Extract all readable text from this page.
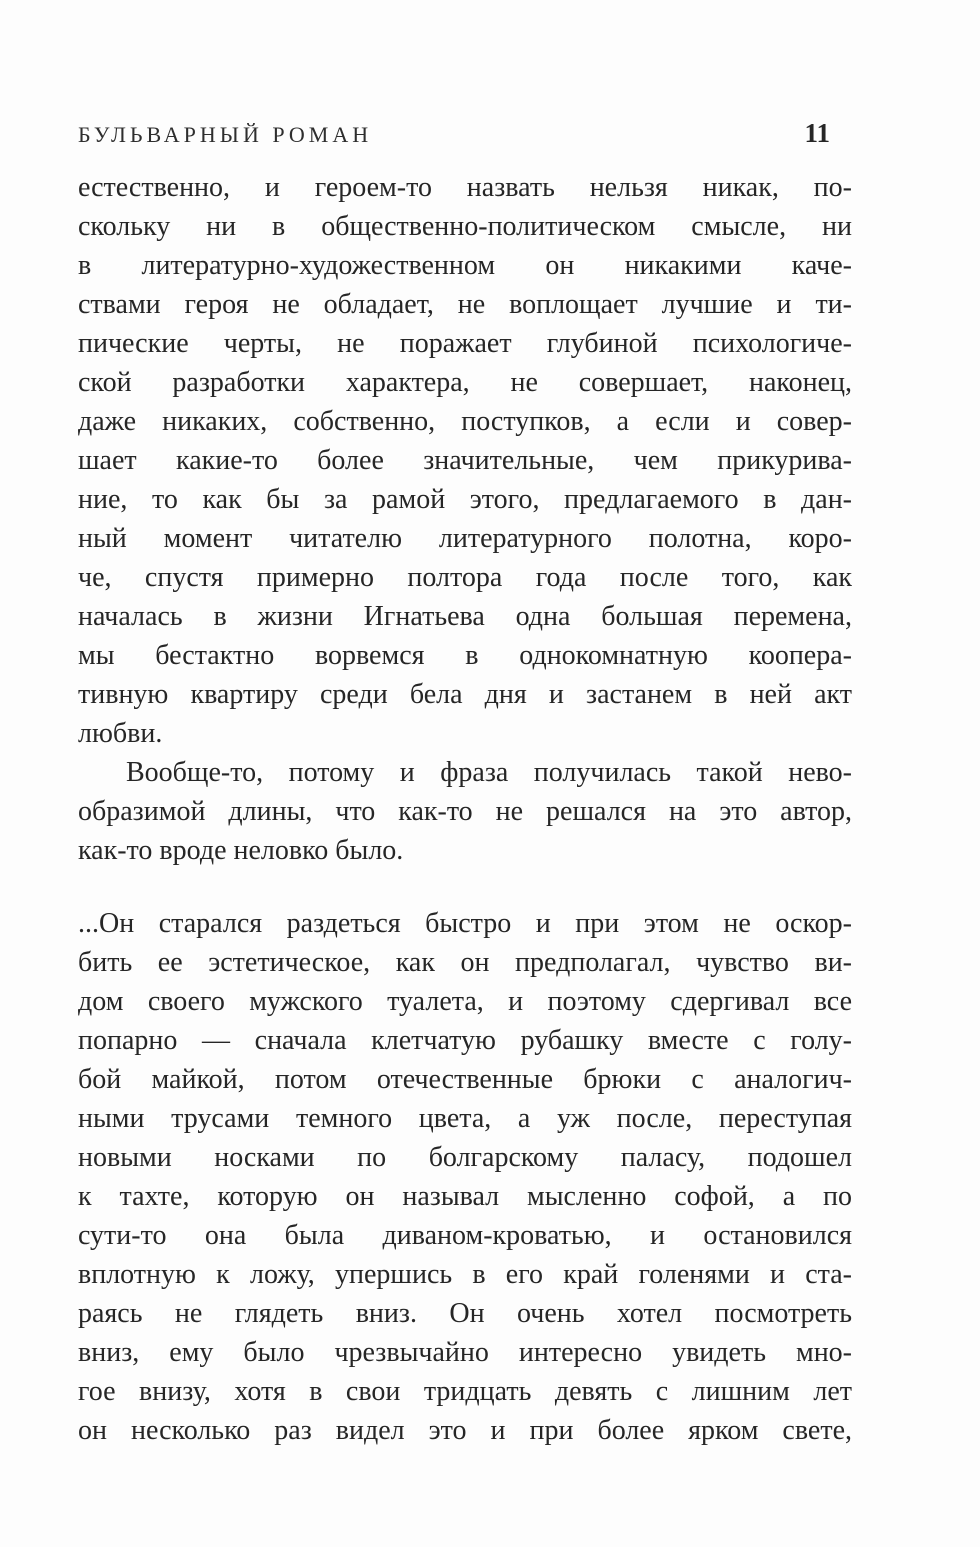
БУЛЬВАРНЫЙ РОМАН	11
естественно, и героем-то назвать нельзя никак, по-
скольку ни в общественно-политическом смысле, ни
в литературно-художественном он никакими каче-
ствами героя не обладает, не воплощает лучшие и ти-
пические черты, не поражает глубиной психологиче-
ской разработки характера, не совершает, наконец,
даже никаких, собственно, поступков, а если и совер-
шает какие-то более значительные, чем прикурива-
ние, то как бы за рамой этого, предлагаемого в дан-
ный момент читателю литературного полотна, коро-
че, спустя примерно полтора года после того, как
началась в жизни Игнатьева одна большая перемена,
мы бестактно ворвемся в однокомнатную коопера-
тивную квартиру среди бела дня и застанем в ней акт
любви.
Вообще-то, потому и фраза получилась такой нево-
образимой длины, что как-то не решался на это автор,
как-то вроде неловко было.
...Он старался раздеться быстро и при этом не оскор-
бить ее эстетическое, как он предполагал, чувство ви-
дом своего мужского туалета, и поэтому сдергивал все
попарно — сначала клетчатую рубашку вместе с голу-
бой майкой, потом отечественные брюки с аналогич-
ными трусами темного цвета, а уж после, переступая
новыми носками по болгарскому паласу, подошел
к тахте, которую он называл мысленно софой, а по
сути-то она была диваном-кроватью, и остановился
вплотную к ложу, упершись в его край голенями и ста-
раясь не глядеть вниз. Он очень хотел посмотреть
вниз, ему было чрезвычайно интересно увидеть мно-
гое внизу, хотя в свои тридцать девять с лишним лет
он несколько раз видел это и при более ярком свете,
